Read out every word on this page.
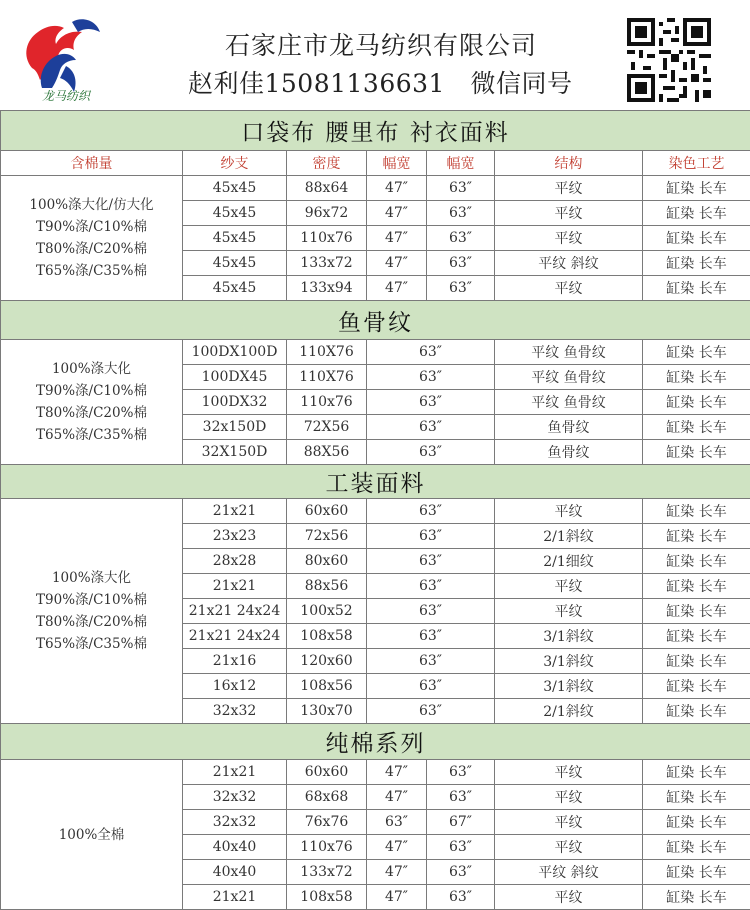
龙马纺织
石家庄市龙马纺织有限公司
赵利佳15081136631　微信同号
口袋布 腰里布 衬衣面料						
含棉量	纱支	密度	幅宽	幅宽	结构	染色工艺

100%涤大化/仿大化
T90%涤/C10%棉
T80%涤/C20%棉
T65%涤/C35%棉	45x45	88x64	47″	63″	平纹	缸染 长车
	45x45	96x72	47″	63″	平纹	缸染 长车
	45x45	110x76	47″	63″	平纹	缸染 长车
	45x45	133x72	47″	63″	平纹 斜纹	缸染 长车
	45x45	133x94	47″	63″	平纹	缸染 长车
鱼骨纹						

100%涤大化
T90%涤/C10%棉
T80%涤/C20%棉
T65%涤/C35%棉	100DX100D	110X76	63″		平纹 鱼骨纹	缸染 长车
	100DX45	110X76	63″		平纹 鱼骨纹	缸染 长车
	100DX32	110x76	63″		平纹 鱼骨纹	缸染 长车
	32x150D	72X56	63″		鱼骨纹	缸染 长车
	32X150D	88X56	63″		鱼骨纹	缸染 长车
工装面料						

100%涤大化
T90%涤/C10%棉
T80%涤/C20%棉
T65%涤/C35%棉	21x21	60x60	63″		平纹	缸染 长车
	23x23	72x56	63″		2/1斜纹	缸染 长车
	28x28	80x60	63″		2/1细纹	缸染 长车
	21x21	88x56	63″		平纹	缸染 长车
	21x21 24x24	100x52	63″		平纹	缸染 长车
	21x21 24x24	108x58	63″		3/1斜纹	缸染 长车
	21x16	120x60	63″		3/1斜纹	缸染 长车
	16x12	108x56	63″		3/1斜纹	缸染 长车
	32x32	130x70	63″		2/1斜纹	缸染 长车
纯棉系列						

100%全棉	21x21	60x60	47″	63″	平纹	缸染 长车
	32x32	68x68	47″	63″	平纹	缸染 长车
	32x32	76x76	63″	67″	平纹	缸染 长车
	40x40	110x76	47″	63″	平纹	缸染 长车
	40x40	133x72	47″	63″	平纹 斜纹	缸染 长车
	21x21	108x58	47″	63″	平纹	缸染 长车
